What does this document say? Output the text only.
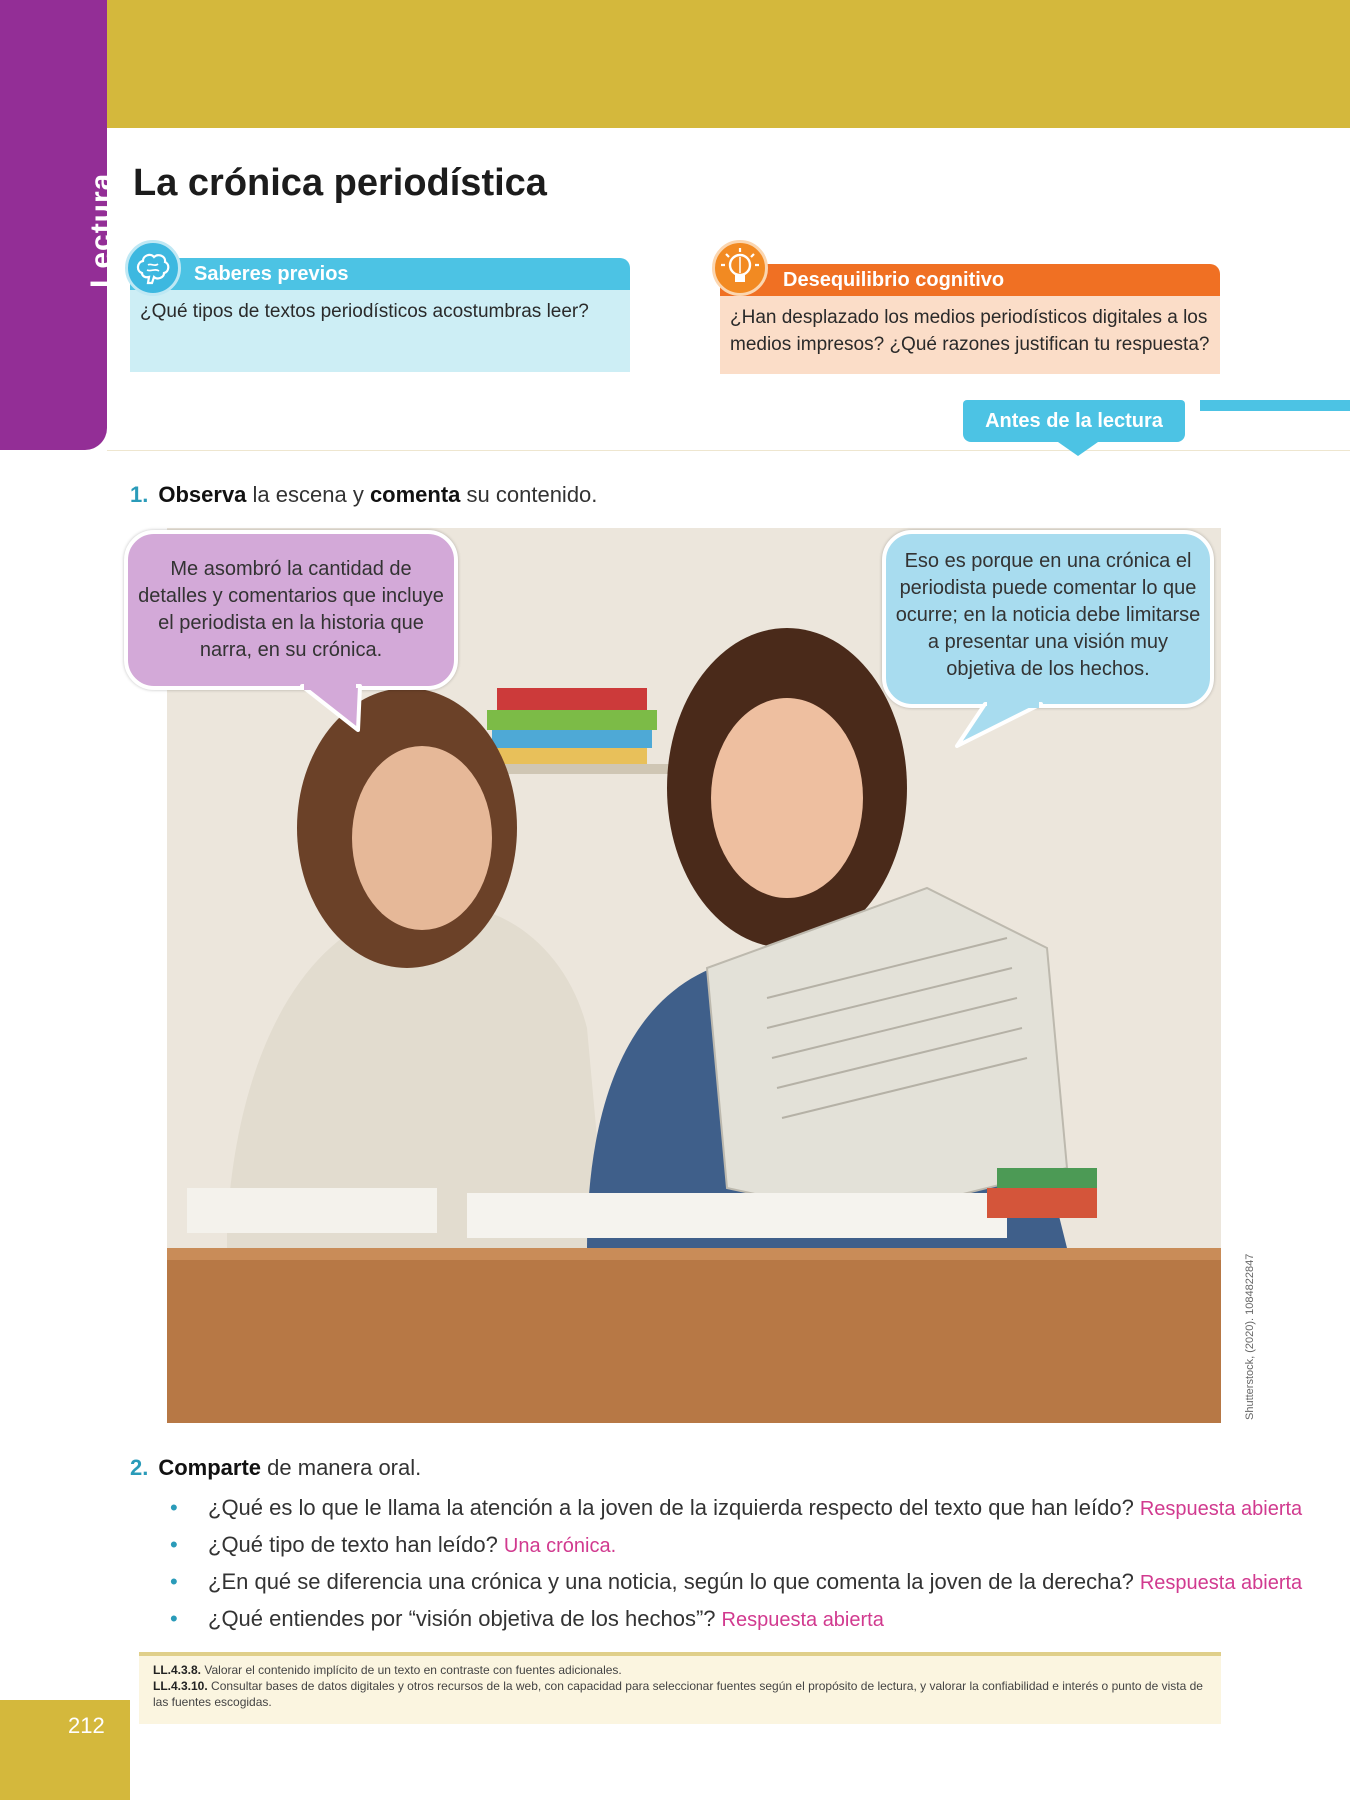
Lectura La crónica periodística
Saberes previos
¿Qué tipos de textos periodísticos acostumbras leer?
Desequilibrio cognitivo
¿Han desplazado los medios periodísticos digitales a los medios impresos? ¿Qué razones justifican tu respuesta?
Antes de la lectura
1. Observa la escena y comenta su contenido.
Me asombró la cantidad de detalles y comentarios que incluye el periodista en la historia que narra, en su crónica.
Eso es porque en una crónica el periodista puede comentar lo que ocurre; en la noticia debe limitarse a presentar una visión muy objetiva de los hechos.
Shutterstock, (2020). 1084822847
2. Comparte de manera oral.
• ¿Qué es lo que le llama la atención a la joven de la izquierda respecto del texto que han leído? Respuesta abierta
• ¿Qué tipo de texto han leído? Una crónica.
• ¿En qué se diferencia una crónica y una noticia, según lo que comenta la joven de la derecha? Respuesta abierta
• ¿Qué entiendes por “visión objetiva de los hechos”? Respuesta abierta
LL.4.3.8. Valorar el contenido implícito de un texto en contraste con fuentes adicionales.
LL.4.3.10. Consultar bases de datos digitales y otros recursos de la web, con capacidad para seleccionar fuentes según el propósito de lectura, y valorar la confiabilidad e interés o punto de vista de las fuentes escogidas.
212
